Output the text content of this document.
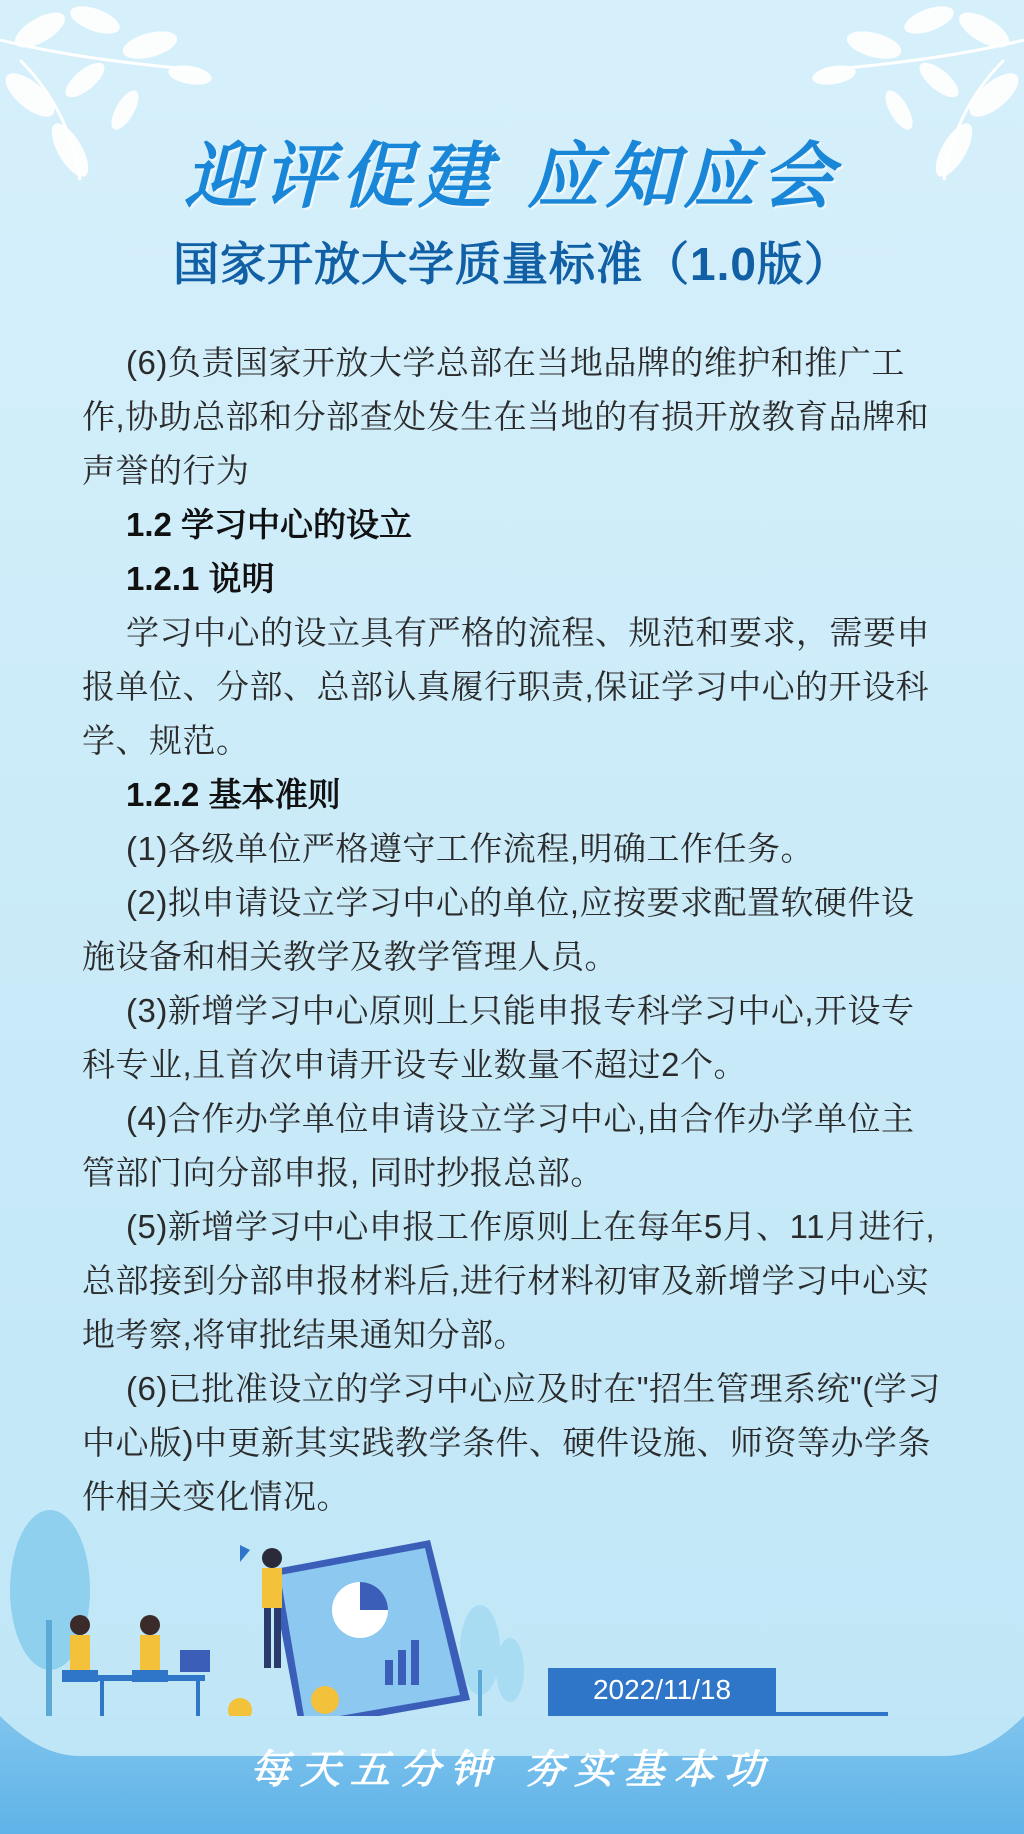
迎评促建 应知应会
国家开放大学质量标准（1.0版）

(6)负责国家开放大学总部在当地品牌的维护和推广工作,协助总部和分部查处发生在当地的有损开放教育品牌和声誉的行为

1.2 学习中心的设立

1.2.1 说明

学习中心的设立具有严格的流程、规范和要求，需要申报单位、分部、总部认真履行职责,保证学习中心的开设科学、规范。

1.2.2 基本准则

(1)各级单位严格遵守工作流程,明确工作任务。

(2)拟申请设立学习中心的单位,应按要求配置软硬件设施设备和相关教学及教学管理人员。

(3)新增学习中心原则上只能申报专科学习中心,开设专科专业,且首次申请开设专业数量不超过2个。

(4)合作办学单位申请设立学习中心,由合作办学单位主管部门向分部申报, 同时抄报总部。

(5)新增学习中心申报工作原则上在每年5月、11月进行,总部接到分部申报材料后,进行材料初审及新增学习中心实地考察,将审批结果通知分部。

(6)已批准设立的学习中心应及时在"招生管理系统"(学习中心版)中更新其实践教学条件、硬件设施、师资等办学条件相关变化情况。

2022/11/18
每天五分钟 夯实基本功
